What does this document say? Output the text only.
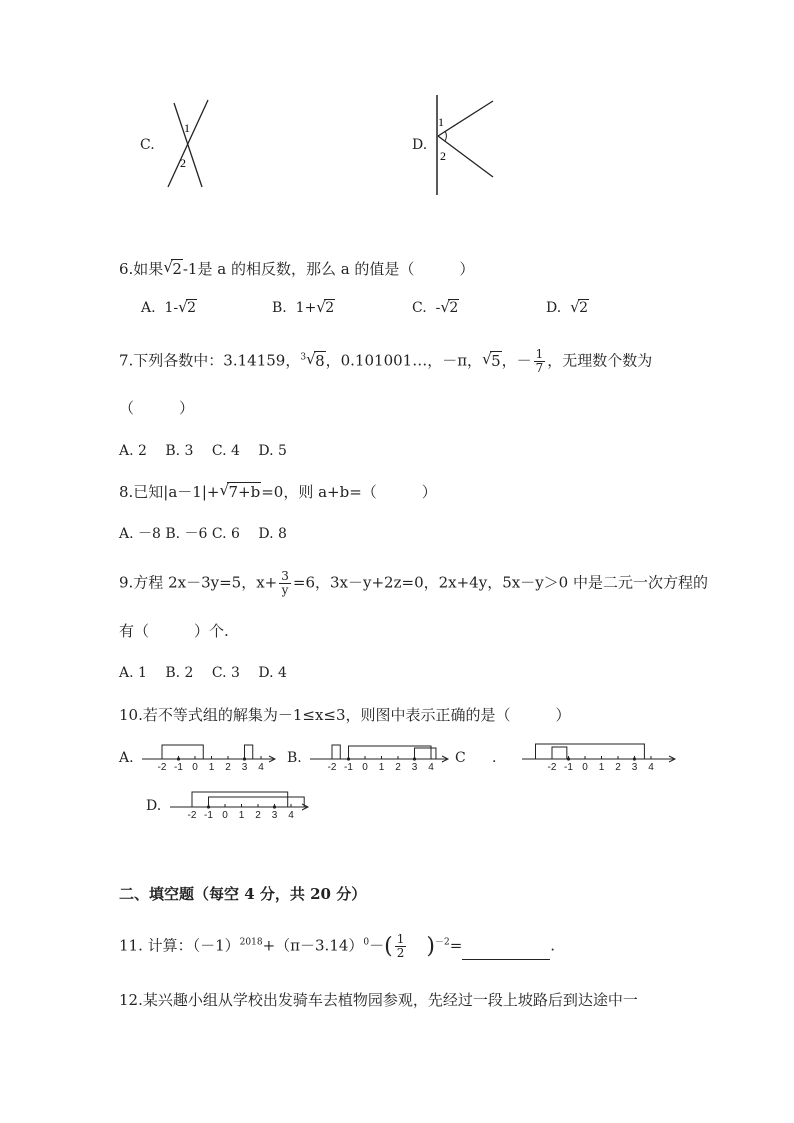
C.
1
2
D.
1
2
6.如果 √ 2-1是 a 的相反数，那么 a 的值是（　　　）
A. 1- √ 2	B. 1+ √ 2	C. - √ 2	D. √ 2
7.下列各数中：3.14159，$^3$ √ 8，0.101001…，－π， √ 5，－ $\frac{1}{7}$ ，无理数个数为
（　　　）
A. 2　 B. 3　 C. 4　 D. 5
8.已知|a－1|+ √ 7+b=0，则 a+b=（　　　）
A. －8 B. －6 C. 6　 D. 8
9.方程 2x－3y=5，$x+ \frac{3}{y} =6$，3x－y+2z=0，2x+4y，5x－y＞0 中是二元一次方程的
有（　　　）个.
A. 1　 B. 2　 C. 3　 D. 4
10.若不等式组的解集为－1≤x≤3，则图中表示正确的是（　　　）
A.	B.	C .
D.
-2 -1 0 1 2 3 4	-2 -1 0 1 2 3 4	-2 -1 0 1 2 3 4
-2 -1 0 1 2 3 4
二、填空题（每空 4 分，共 20 分）
11. 计算：$(-1)^{2018}+(\pi-3.14)^0-( \frac{1}{2} )^{-2}=$	.
12.某兴趣小组从学校出发骑车去植物园参观，先经过一段上坡路后到达途中一
